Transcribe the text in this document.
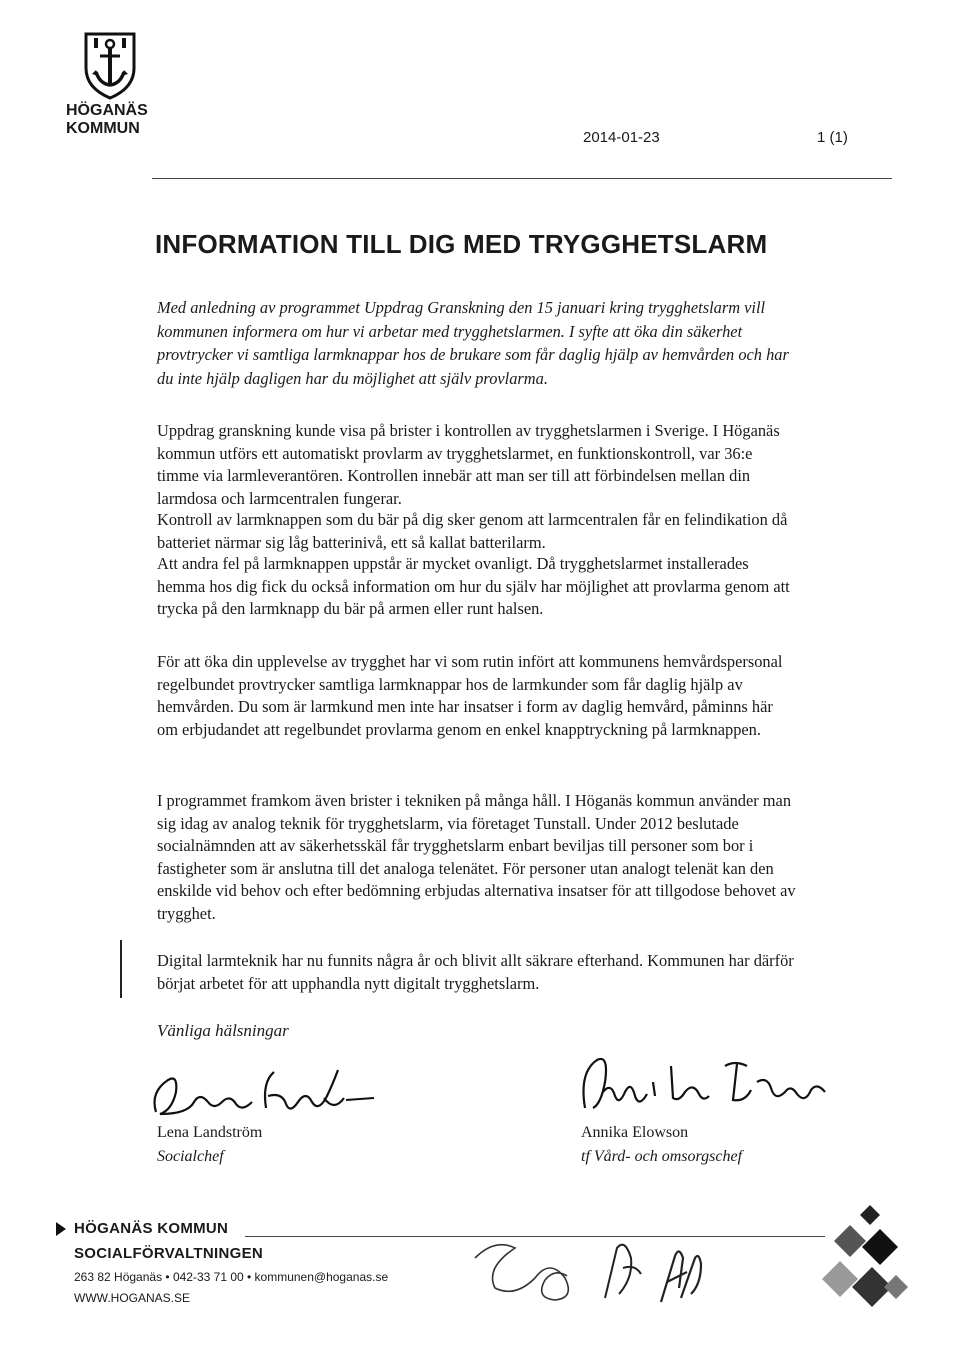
HÖGANÄS
KOMMUN
2014-01-23	1 (1)
INFORMATION TILL DIG MED TRYGGHETSLARM

Med anledning av programmet Uppdrag Granskning den 15 januari kring trygghetslarm vill kommunen informera om hur vi arbetar med trygghetslarmen. I syfte att öka din säkerhet provtrycker vi samtliga larmknappar hos de brukare som får daglig hjälp av hemvården och har du inte hjälp dagligen har du möjlighet att själv provlarma.

Uppdrag granskning kunde visa på brister i kontrollen av trygghetslarmen i Sverige. I Höganäs kommun utförs ett automatiskt provlarm av trygghetslarmet, en funktionskontroll, var 36:e timme via larmleverantören. Kontrollen innebär att man ser till att förbindelsen mellan din larmdosa och larmcentralen fungerar.

Kontroll av larmknappen som du bär på dig sker genom att larmcentralen får en felindikation då batteriet närmar sig låg batterinivå, ett så kallat batterilarm.

Att andra fel på larmknappen uppstår är mycket ovanligt. Då trygghetslarmet installerades hemma hos dig fick du också information om hur du själv har möjlighet att provlarma genom att trycka på den larmknapp du bär på armen eller runt halsen.

För att öka din upplevelse av trygghet har vi som rutin infört att kommunens hemvårdspersonal regelbundet provtrycker samtliga larmknappar hos de larmkunder som får daglig hjälp av hemvården. Du som är larmkund men inte har insatser i form av daglig hemvård, påminns här om erbjudandet att regelbundet provlarma genom en enkel knapptryckning på larmknappen.

I programmet framkom även brister i tekniken på många håll. I Höganäs kommun använder man sig idag av analog teknik för trygghetslarm, via företaget Tunstall. Under 2012 beslutade socialnämnden att av säkerhetsskäl får trygghetslarm enbart beviljas till personer som bor i fastigheter som är anslutna till det analoga telenätet. För personer utan analogt telenät kan den enskilde vid behov och efter bedömning erbjudas alternativa insatser för att tillgodose behovet av trygghet.

Digital larmteknik har nu funnits några år och blivit allt säkrare efterhand. Kommunen har därför börjat arbetet för att upphandla nytt digitalt trygghetslarm.

Vänliga hälsningar
Lena Landström
Socialchef
Annika Elowson
tf Vård- och omsorgschef
HÖGANÄS KOMMUN
SOCIALFÖRVALTNINGEN
263 82 Höganäs • 042-33 71 00 • kommunen@hoganas.se
WWW.HOGANAS.SE
